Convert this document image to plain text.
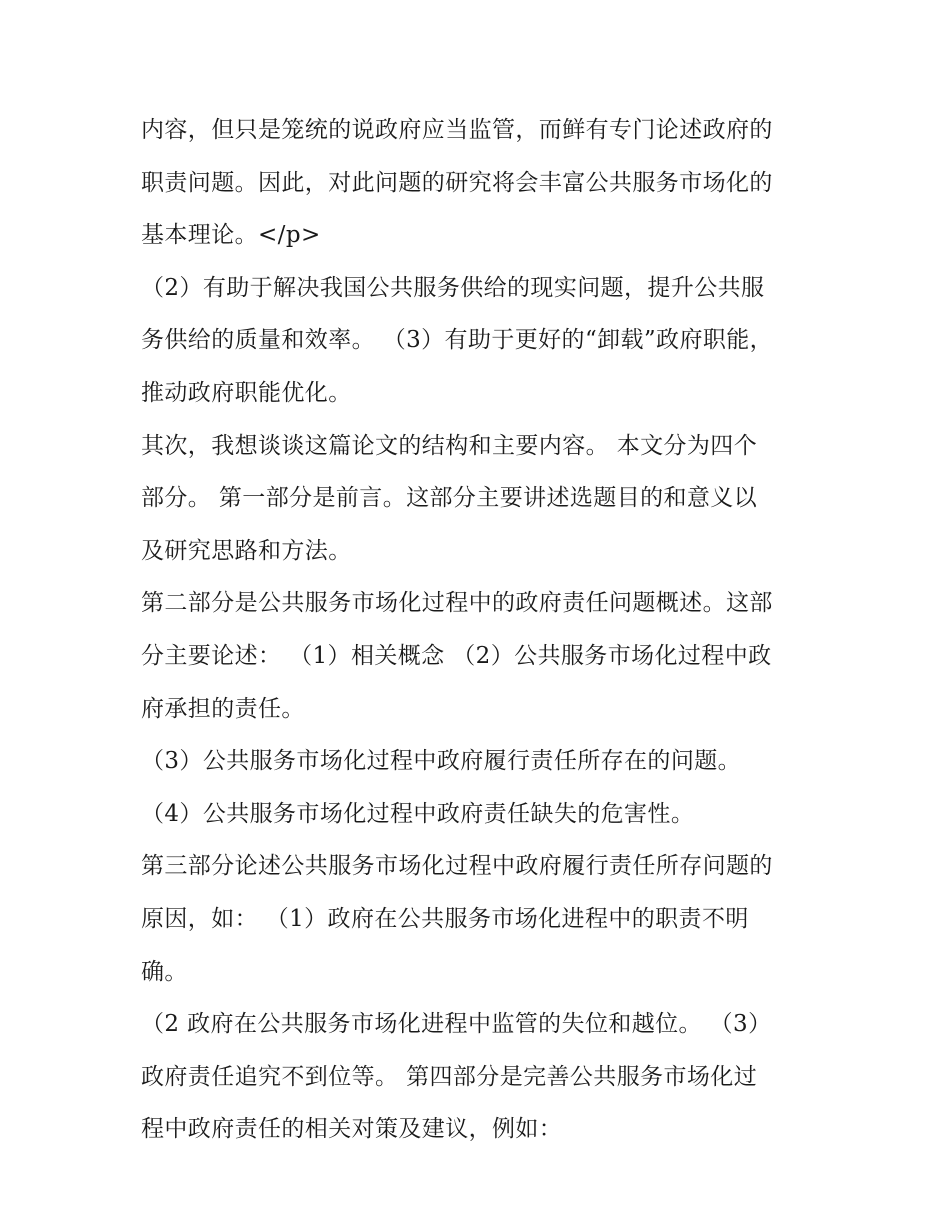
内容，但只是笼统的说政府应当监管，而鲜有专门论述政府的
职责问题。因此，对此问题的研究将会丰富公共服务市场化的
基本理论。</p>
（2）有助于解决我国公共服务供给的现实问题，提升公共服
务供给的质量和效率。 （3）有助于更好的“卸载”政府职能，
推动政府职能优化。
其次，我想谈谈这篇论文的结构和主要内容。 本文分为四个
部分。 第一部分是前言。这部分主要讲述选题目的和意义以
及研究思路和方法。
第二部分是公共服务市场化过程中的政府责任问题概述。这部
分主要论述： （1）相关概念 （2）公共服务市场化过程中政
府承担的责任。
（3）公共服务市场化过程中政府履行责任所存在的问题。
（4）公共服务市场化过程中政府责任缺失的危害性。
第三部分论述公共服务市场化过程中政府履行责任所存问题的
原因，如： （1）政府在公共服务市场化进程中的职责不明
确。
（2 政府在公共服务市场化进程中监管的失位和越位。 （3）
政府责任追究不到位等。 第四部分是完善公共服务市场化过
程中政府责任的相关对策及建议，例如：
